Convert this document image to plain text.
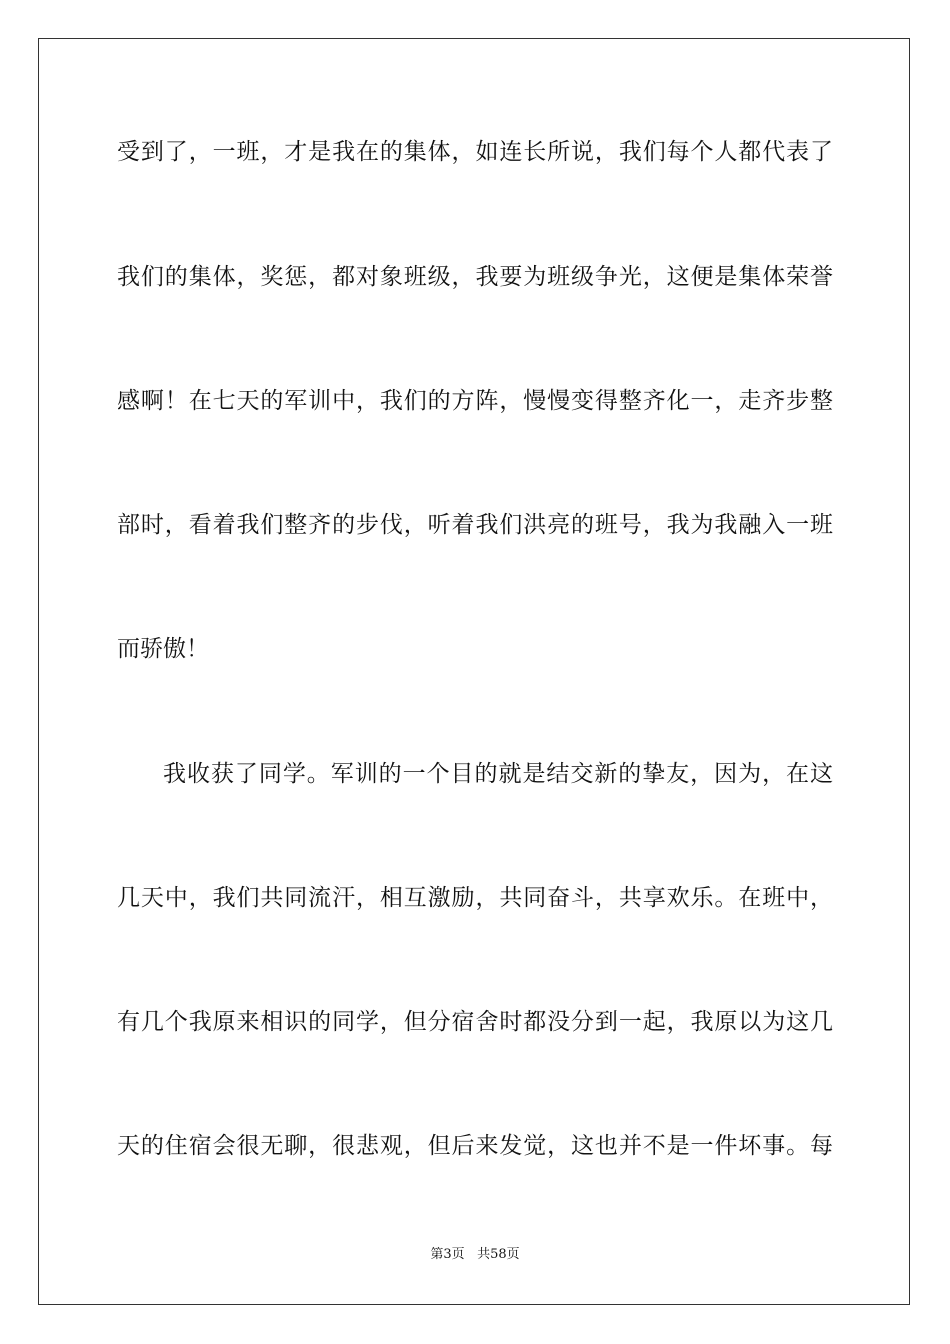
受到了，一班，才是我在的集体，如连长所说，我们每个人都代表了
我们的集体，奖惩，都对象班级，我要为班级争光，这便是集体荣誉
感啊！在七天的军训中，我们的方阵，慢慢变得整齐化一，走齐步整
部时，看着我们整齐的步伐，听着我们洪亮的班号，我为我融入一班
而骄傲！
我收获了同学。军训的一个目的就是结交新的挚友，因为，在这
几天中，我们共同流汗，相互激励，共同奋斗，共享欢乐。在班中，
有几个我原来相识的同学，但分宿舍时都没分到一起，我原以为这几
天的住宿会很无聊，很悲观，但后来发觉，这也并不是一件坏事。每
第3页 共58页
